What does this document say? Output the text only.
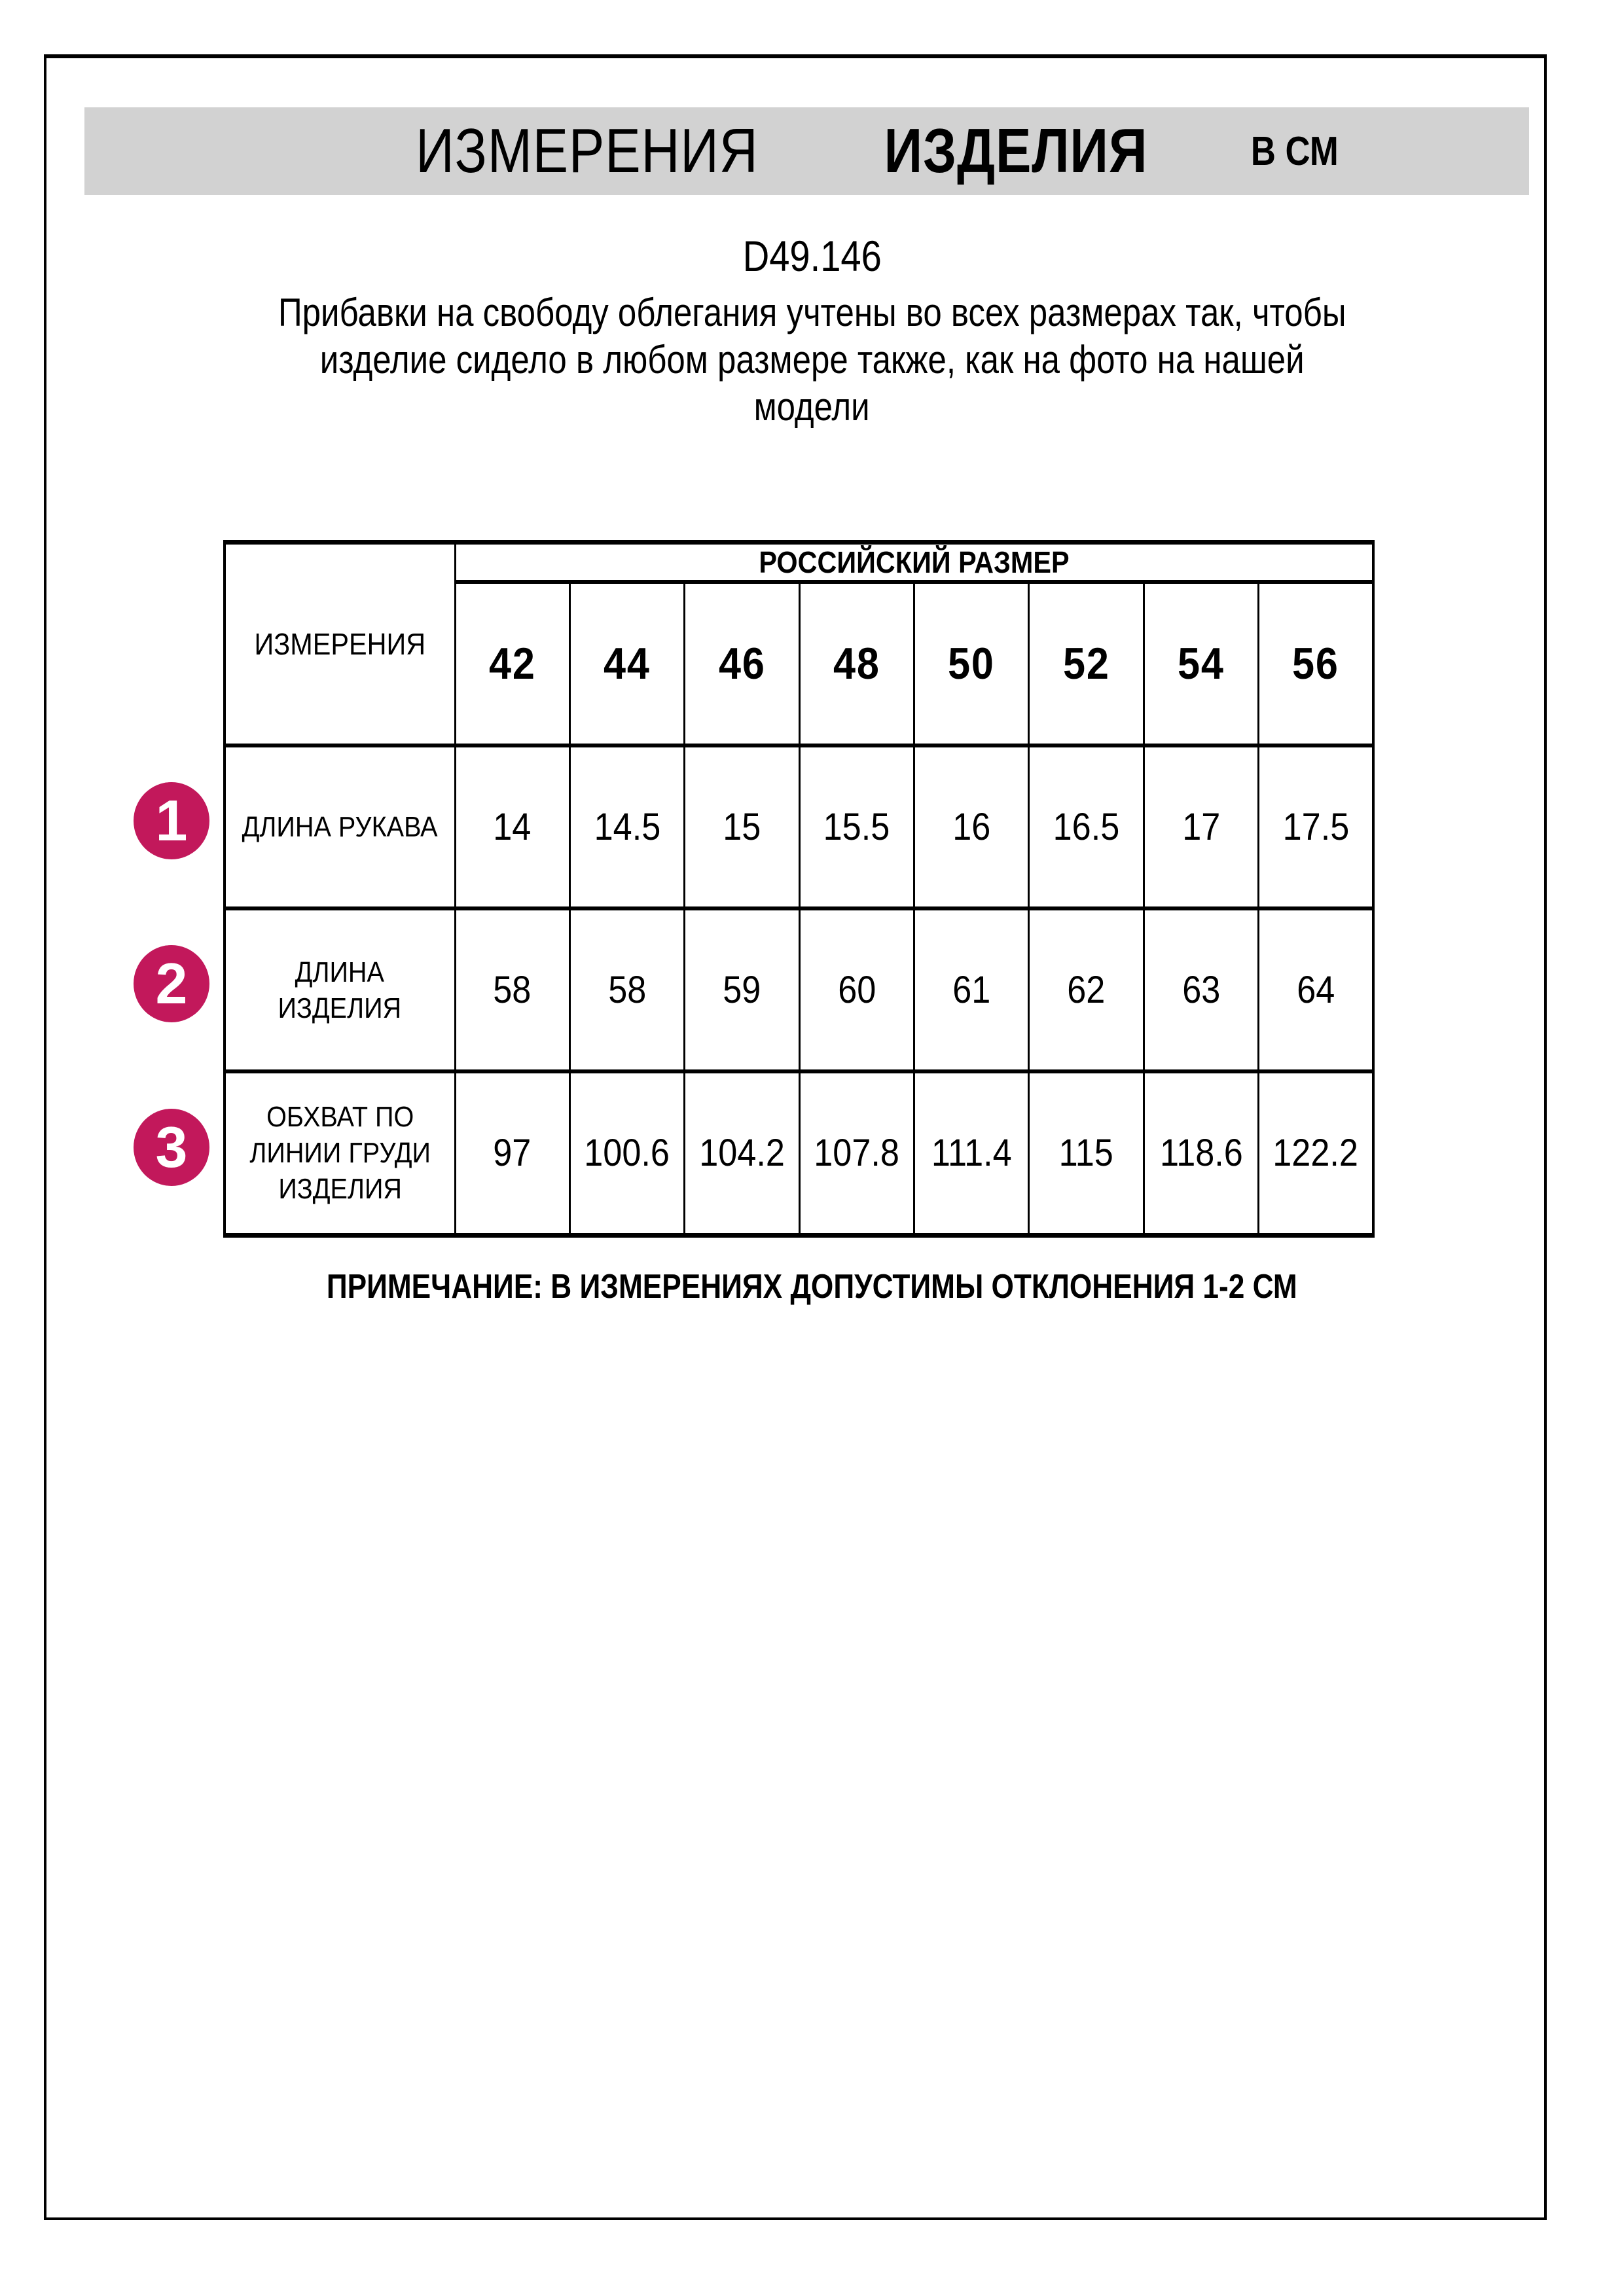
ИЗМЕРЕНИЯ ИЗДЕЛИЯ	В СМ
D49.146
Прибавки на свободу облегания учтены во всех размерах так, чтобы
изделие сидело в любом размере также, как на фото на нашей
модели
ИЗМЕРЕНИЯ	РОССИЙСКИЙ РАЗМЕР							
	42	44	46	48	50	52	54	56
ДЛИНА РУКАВА	14	14.5	15	15.5	16	16.5	17	17.5

ДЛИНА
ИЗДЕЛИЯ	58	58	59	60	61	62	63	64

ОБХВАТ ПО
ЛИНИИ ГРУДИ
ИЗДЕЛИЯ	97	100.6	104.2	107.8	111.4	115	118.6	122.2
1
2
3
ПРИМЕЧАНИЕ: В ИЗМЕРЕНИЯХ ДОПУСТИМЫ ОТКЛОНЕНИЯ 1-2 СМ
